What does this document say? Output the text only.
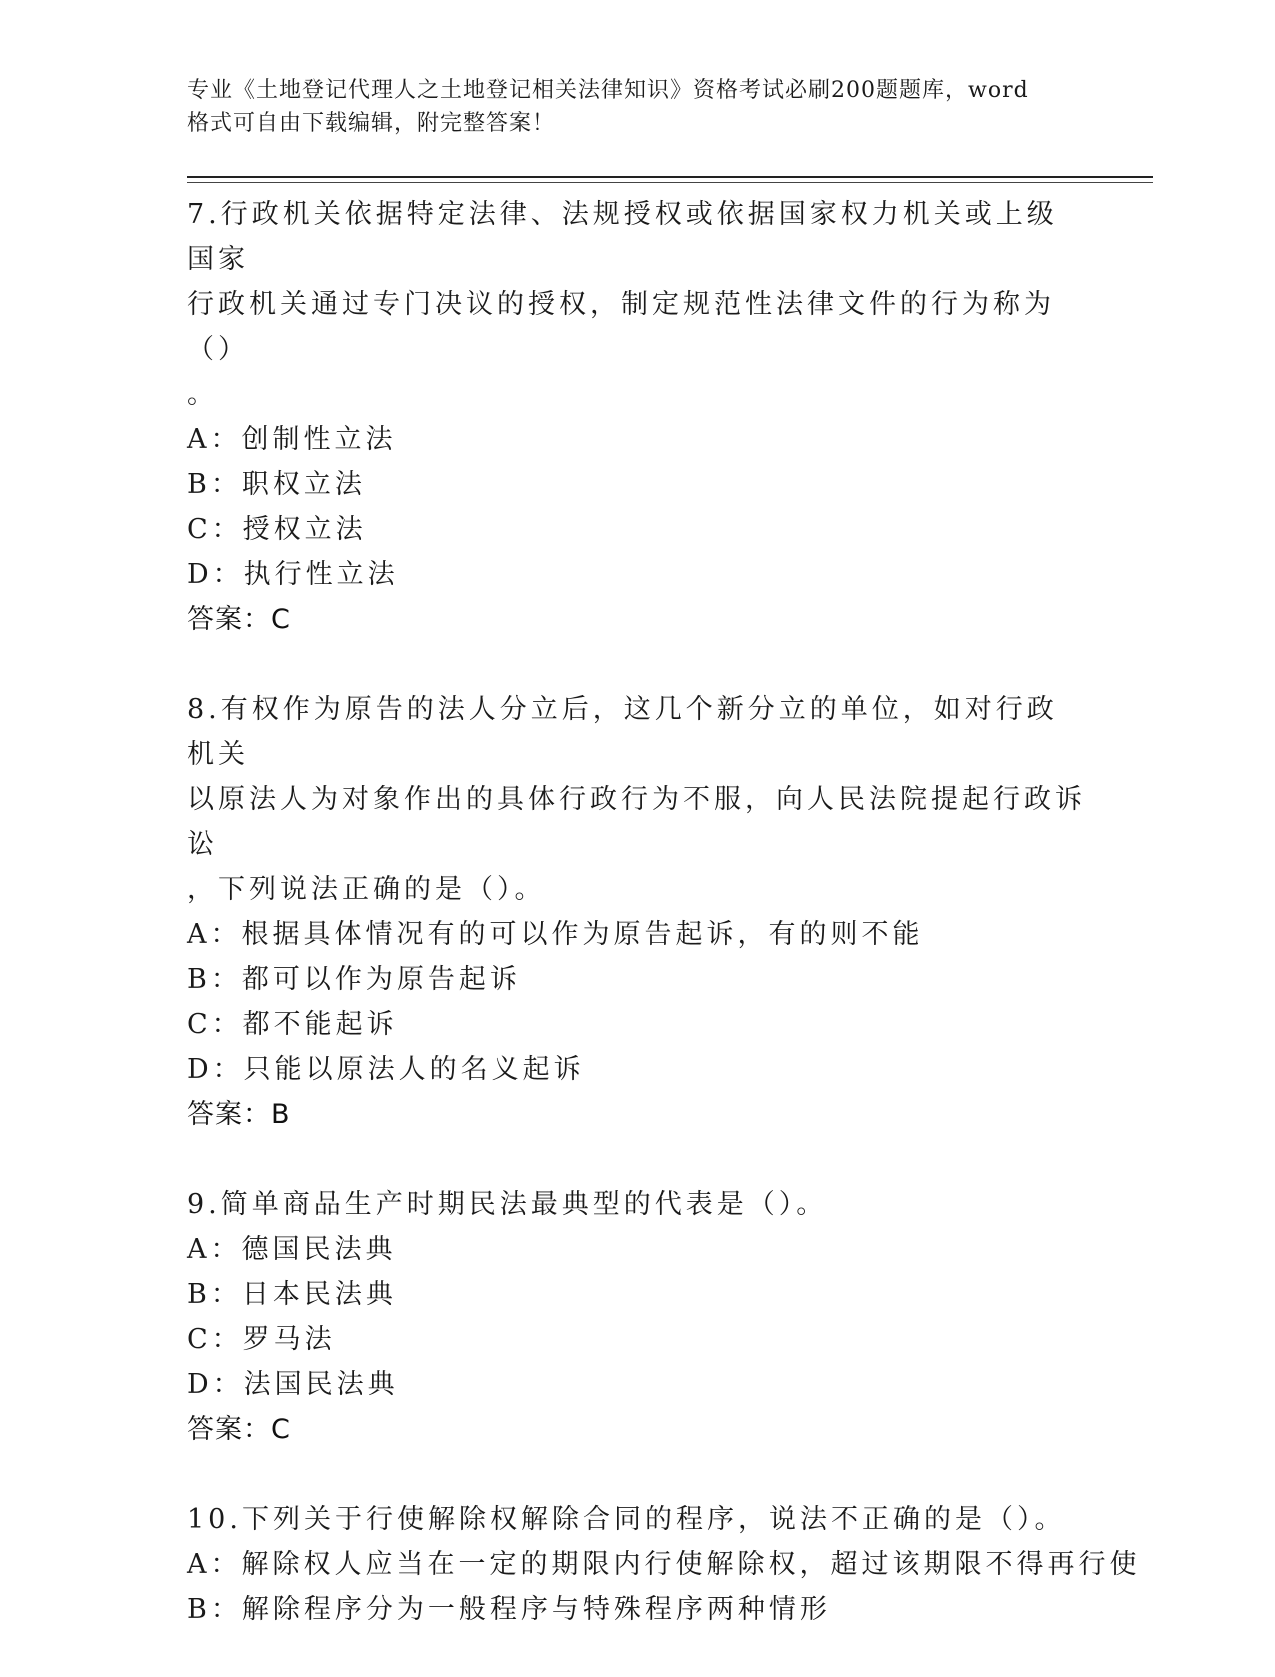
专业《土地登记代理人之土地登记相关法律知识》资格考试必刷200题题库，word
格式可自由下载编辑，附完整答案！
7.行政机关依据特定法律、法规授权或依据国家权力机关或上级国家
行政机关通过专门决议的授权，制定规范性法律文件的行为称为（）
。
A：创制性立法
B：职权立法
C：授权立法
D：执行性立法
答案：C
8.有权作为原告的法人分立后，这几个新分立的单位，如对行政机关
以原法人为对象作出的具体行政行为不服，向人民法院提起行政诉讼
，下列说法正确的是（）。
A：根据具体情况有的可以作为原告起诉，有的则不能
B：都可以作为原告起诉
C：都不能起诉
D：只能以原法人的名义起诉
答案：B
9.简单商品生产时期民法最典型的代表是（）。
A：德国民法典
B：日本民法典
C：罗马法
D：法国民法典
答案：C
10.下列关于行使解除权解除合同的程序，说法不正确的是（）。
A：解除权人应当在一定的期限内行使解除权，超过该期限不得再行使
B：解除程序分为一般程序与特殊程序两种情形
